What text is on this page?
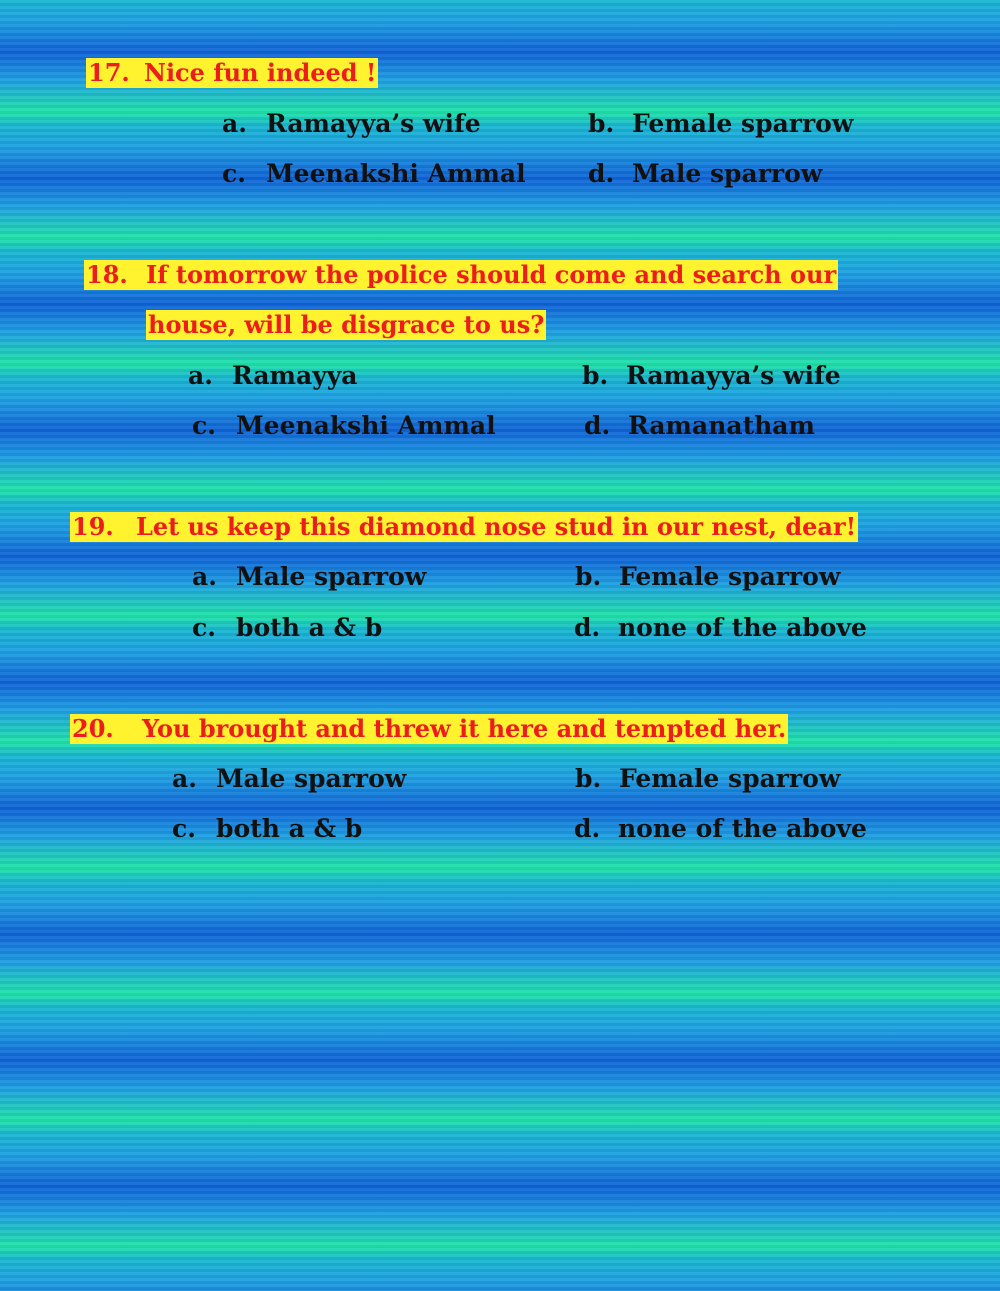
17. Nice fun indeed !
a. Ramayya’s wife	b. Female sparrow
c. Meenakshi Ammal d. Male sparrow
18. If tomorrow the police should come and search our
house, will be disgrace to us?
a. Ramayya	b. Ramayya’s wife
c. Meenakshi Ammal	d. Ramanatham
19. Let us keep this diamond nose stud in our nest, dear!
a. Male sparrow	b. Female sparrow
c. both a & b	d. none of the above
20. You brought and threw it here and tempted her.
a. Male sparrow	b. Female sparrow
c. both a & b	d. none of the above
